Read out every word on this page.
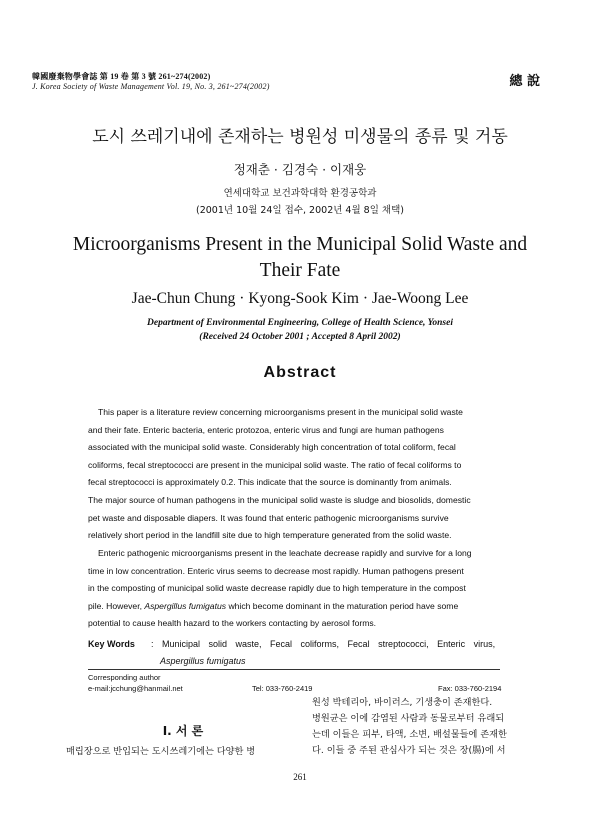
韓國廢棄物學會誌 第 19 卷 第 3 號 261~274(2002)
J. Korea Society of Waste Management Vol. 19, No. 3, 261~274(2002)	總 說
도시 쓰레기내에 존재하는 병원성 미생물의 종류 및 거동
정재춘 · 김경숙 · 이재웅
연세대학교 보건과학대학 환경공학과
(2001년 10월 24일 접수, 2002년 4월 8일 채택)
Microorganisms Present in the Municipal Solid Waste and
Their Fate
Jae-Chun Chung · Kyong-Sook Kim · Jae-Woong Lee
Department of Environmental Engineering, College of Health Science, Yonsei
(Received 24 October 2001 ; Accepted 8 April 2002)
Abstract
This paper is a literature review concerning microorganisms present in the municipal solid waste
and their fate. Enteric bacteria, enteric protozoa, enteric virus and fungi are human pathogens
associated with the municipal solid waste. Considerably high concentration of total coliform, fecal
coliforms, fecal streptococci are present in the municipal solid waste. The ratio of fecal coliforms to
fecal streptococci is approximately 0.2. This indicate that the source is dominantly from animals.
The major source of human pathogens in the municipal solid waste is sludge and biosolids, domestic
pet waste and disposable diapers. It was found that enteric pathogenic microorganisms survive
relatively short period in the landfill site due to high temperature generated from the solid waste.
Enteric pathogenic microorganisms present in the leachate decrease rapidly and survive for a long
time in low concentration. Enteric virus seems to decrease most rapidly. Human pathogens present
in the composting of municipal solid waste decrease rapidly due to high temperature in the compost
pile. However, Aspergillus fumigatus which become dominant in the maturation period have some
potential to cause health hazard to the workers contacting by aerosol forms.
Key Words : Municipal solid waste, Fecal coliforms, Fecal streptococci, Enteric virus,
Aspergillus fumigatus
Corresponding author
e-mail:jcchung@hanmail.net	Tel: 033-760-2419	Fax: 033-760-2194
Ⅰ. 서 론
매립장으로 반입되는 도시쓰레기에는 다양한 병
원성 박테리아, 바이러스, 기생충이 존재한다.
병원균은 이에 감염된 사람과 동물로부터 유래되
는데 이들은 피부, 타액, 소변, 배설물들에 존재한
다. 이들 중 주된 관심사가 되는 것은 장(腸)에 서
261
